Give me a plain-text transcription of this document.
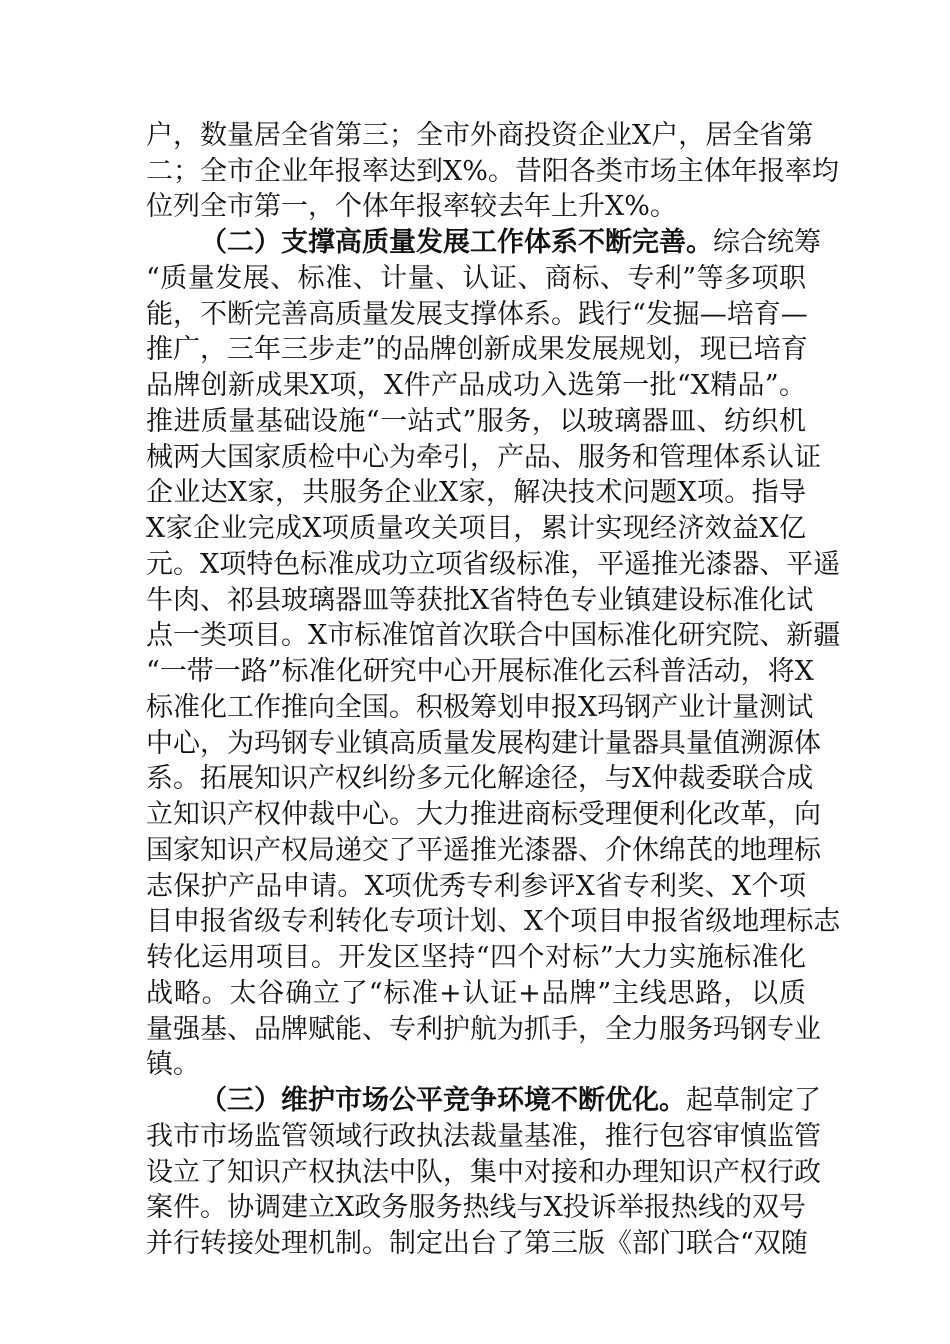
户，数量居全省第三；全市外商投资企业X户，居全省第
二；全市企业年报率达到X%。昔阳各类市场主体年报率均
位列全市第一，个体年报率较去年上升X%。
（二）支撑高质量发展工作体系不断完善。综合统筹
“质量发展、标准、计量、认证、商标、专利”等多项职
能，不断完善高质量发展支撑体系。践行“发掘—培育—
推广，三年三步走”的品牌创新成果发展规划，现已培育
品牌创新成果X项，X件产品成功入选第一批“X精品”。
推进质量基础设施“一站式”服务，以玻璃器皿、纺织机
械两大国家质检中心为牵引，产品、服务和管理体系认证
企业达X家，共服务企业X家，解决技术问题X项。指导
X家企业完成X项质量攻关项目，累计实现经济效益X亿
元。X项特色标准成功立项省级标准，平遥推光漆器、平遥
牛肉、祁县玻璃器皿等获批X省特色专业镇建设标准化试
点一类项目。X市标准馆首次联合中国标准化研究院、新疆
“一带一路”标准化研究中心开展标准化云科普活动，将X
标准化工作推向全国。积极筹划申报X玛钢产业计量测试
中心，为玛钢专业镇高质量发展构建计量器具量值溯源体
系。拓展知识产权纠纷多元化解途径，与X仲裁委联合成
立知识产权仲裁中心。大力推进商标受理便利化改革，向
国家知识产权局递交了平遥推光漆器、介休绵芪的地理标
志保护产品申请。X项优秀专利参评X省专利奖、X个项
目申报省级专利转化专项计划、X个项目申报省级地理标志
转化运用项目。开发区坚持“四个对标”大力实施标准化
战略。太谷确立了“标准+认证+品牌”主线思路，以质
量强基、品牌赋能、专利护航为抓手，全力服务玛钢专业
镇。
（三）维护市场公平竞争环境不断优化。起草制定了
我市市场监管领域行政执法裁量基准，推行包容审慎监管
设立了知识产权执法中队，集中对接和办理知识产权行政
案件。协调建立X政务服务热线与X投诉举报热线的双号
并行转接处理机制。制定出台了第三版《部门联合“双随
